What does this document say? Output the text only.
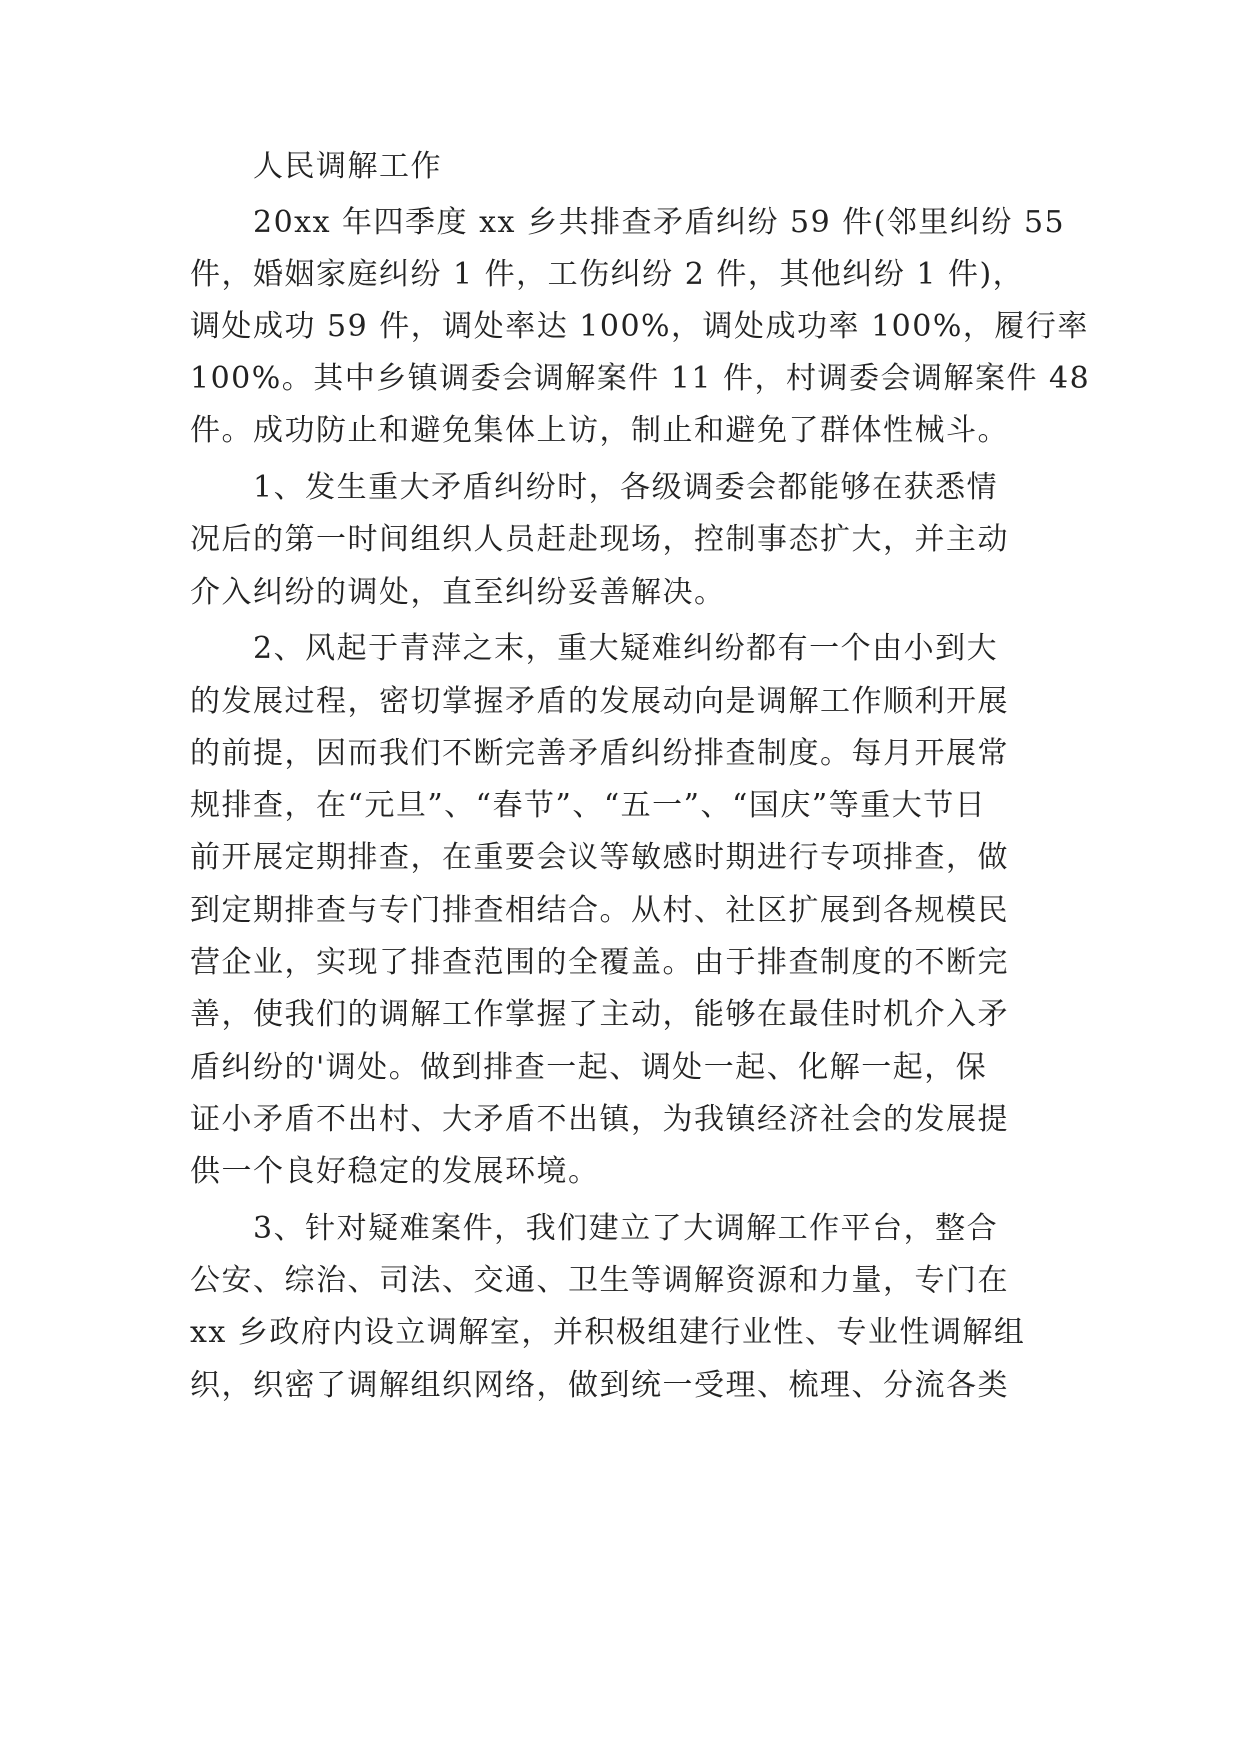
人民调解工作
20xx 年四季度 xx 乡共排查矛盾纠纷 59 件(邻里纠纷 55
件，婚姻家庭纠纷 1 件，工伤纠纷 2 件，其他纠纷 1 件)，
调处成功 59 件，调处率达 100%，调处成功率 100%，履行率
100%。其中乡镇调委会调解案件 11 件，村调委会调解案件 48
件。成功防止和避免集体上访，制止和避免了群体性械斗。
1、发生重大矛盾纠纷时，各级调委会都能够在获悉情
况后的第一时间组织人员赶赴现场，控制事态扩大，并主动
介入纠纷的调处，直至纠纷妥善解决。
2、风起于青萍之末，重大疑难纠纷都有一个由小到大
的发展过程，密切掌握矛盾的发展动向是调解工作顺利开展
的前提，因而我们不断完善矛盾纠纷排查制度。每月开展常
规排查，在“元旦”、“春节”、“五一”、“国庆”等重大节日
前开展定期排查，在重要会议等敏感时期进行专项排查，做
到定期排查与专门排查相结合。从村、社区扩展到各规模民
营企业，实现了排查范围的全覆盖。由于排查制度的不断完
善，使我们的调解工作掌握了主动，能够在最佳时机介入矛
盾纠纷的'调处。做到排查一起、调处一起、化解一起，保
证小矛盾不出村、大矛盾不出镇，为我镇经济社会的发展提
供一个良好稳定的发展环境。
3、针对疑难案件，我们建立了大调解工作平台，整合
公安、综治、司法、交通、卫生等调解资源和力量，专门在
xx 乡政府内设立调解室，并积极组建行业性、专业性调解组
织，织密了调解组织网络，做到统一受理、梳理、分流各类
